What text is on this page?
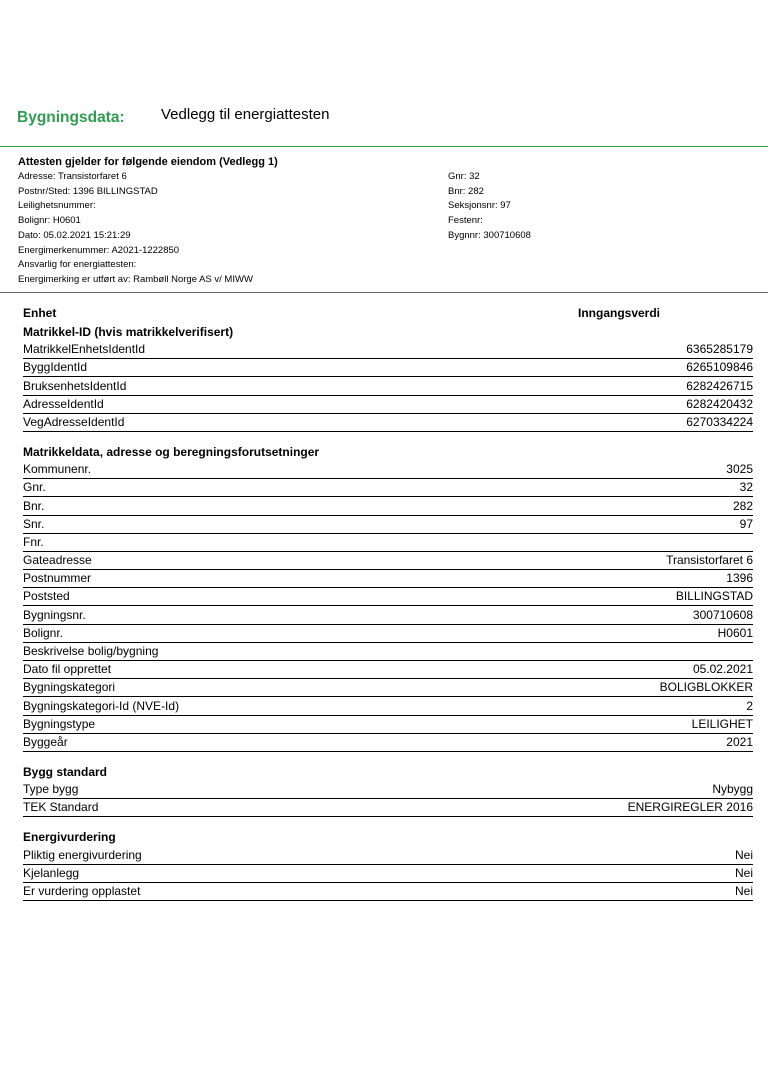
Bygningsdata: Vedlegg til energiattesten
Attesten gjelder for følgende eiendom (Vedlegg 1)
Adresse: Transistorfaret 6
Postnr/Sted: 1396 BILLINGSTAD
Leilighetsnummer:
Bolignr: H0601
Dato: 05.02.2021 15:21:29
Energimerkenummer: A2021-1222850
Ansvarlig for energiattesten:
Energimerking er utført av: Rambøll Norge AS v/ MIWW
Gnr: 32
Bnr: 282
Seksjonsnr: 97
Festenr:
Bygnnr: 300710608
Enhet	Inngangsverdi
Matrikkel-ID (hvis matrikkelverifisert)
MatrikkelEnhetsIdentId	6365285179
ByggIdentId	6265109846
BruksenhetsIdentId	6282426715
AdresseIdentId	6282420432
VegAdresseIdentId	6270334224
Matrikkeldata, adresse og beregningsforutsetninger
Kommunenr.	3025
Gnr.	32
Bnr.	282
Snr.	97
Fnr.
Gateadresse	Transistorfaret 6
Postnummer	1396
Poststed	BILLINGSTAD
Bygningsnr.	300710608
Bolignr.	H0601
Beskrivelse bolig/bygning
Dato fil opprettet	05.02.2021
Bygningskategori	BOLIGBLOKKER
Bygningskategori-Id (NVE-Id)	2
Bygningstype	LEILIGHET
Byggeår	2021
Bygg standard
Type bygg	Nybygg
TEK Standard	ENERGIREGLER 2016
Energivurdering
Pliktig energivurdering	Nei
Kjelanlegg	Nei
Er vurdering opplastet	Nei
